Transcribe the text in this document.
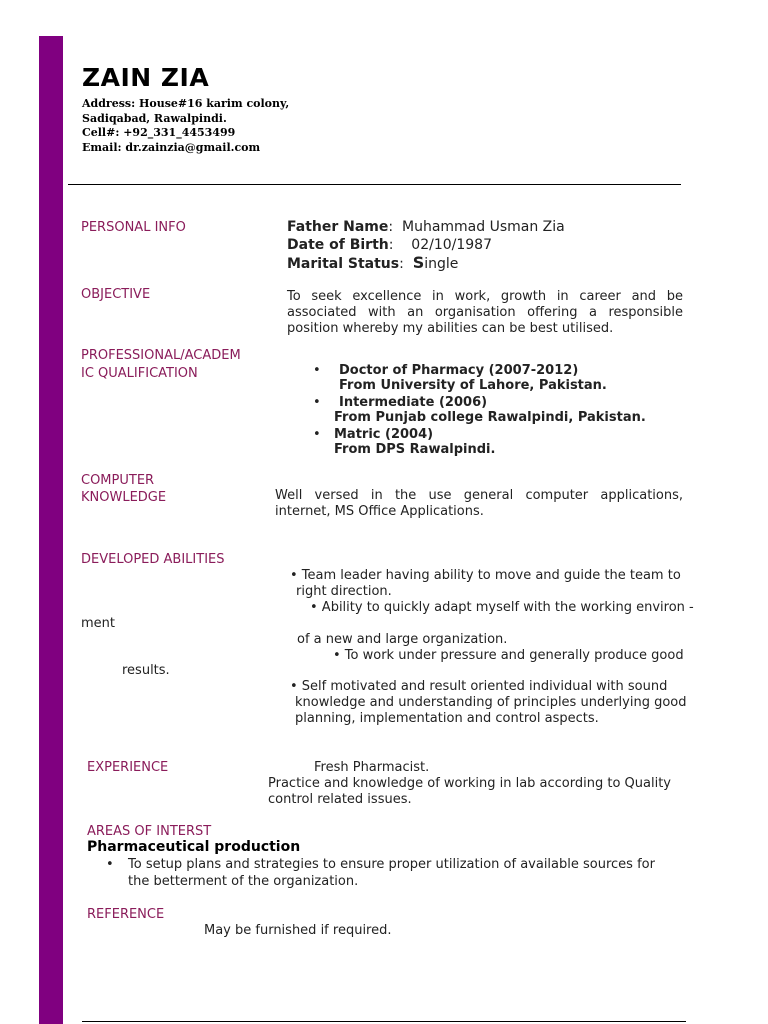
ZAIN ZIA
Address: House#16 karim colony,
Sadiqabad, Rawalpindi.
Cell#: +92_331_4453499
Email: dr.zainzia@gmail.com
PERSONAL INFO	Father Name:  Muhammad Usman Zia
Date of Birth:    02/10/1987
Marital Status:  Single
OBJECTIVE	To seek excellence in work, growth in career and be associated with an organisation offering a responsible position whereby my abilities can be best utilised.
PROFESSIONAL/ACADEM
IC QUALIFICATION	• Doctor of Pharmacy (2007-2012)
From University of Lahore, Pakistan.
• Intermediate (2006)
From Punjab college Rawalpindi, Pakistan.
• Matric (2004)
From DPS Rawalpindi.
COMPUTER
KNOWLEDGE	Well versed in the use general computer applications, internet, MS Office Applications.
DEVELOPED ABILITIES
• Team leader having ability to move and guide the team to
right direction.
• Ability to quickly adapt myself with the working environ -
ment
of a new and large organization.
• To work under pressure and generally produce good
results.
• Self motivated and result oriented individual with sound
knowledge and understanding of principles underlying good
planning, implementation and control aspects.
EXPERIENCE	Fresh Pharmacist.
Practice and knowledge of working in lab according to Quality
control related issues.
AREAS OF INTERST
Pharmaceutical production
• To setup plans and strategies to ensure proper utilization of available sources for
the betterment of the organization.
REFERENCE
May be furnished if required.
